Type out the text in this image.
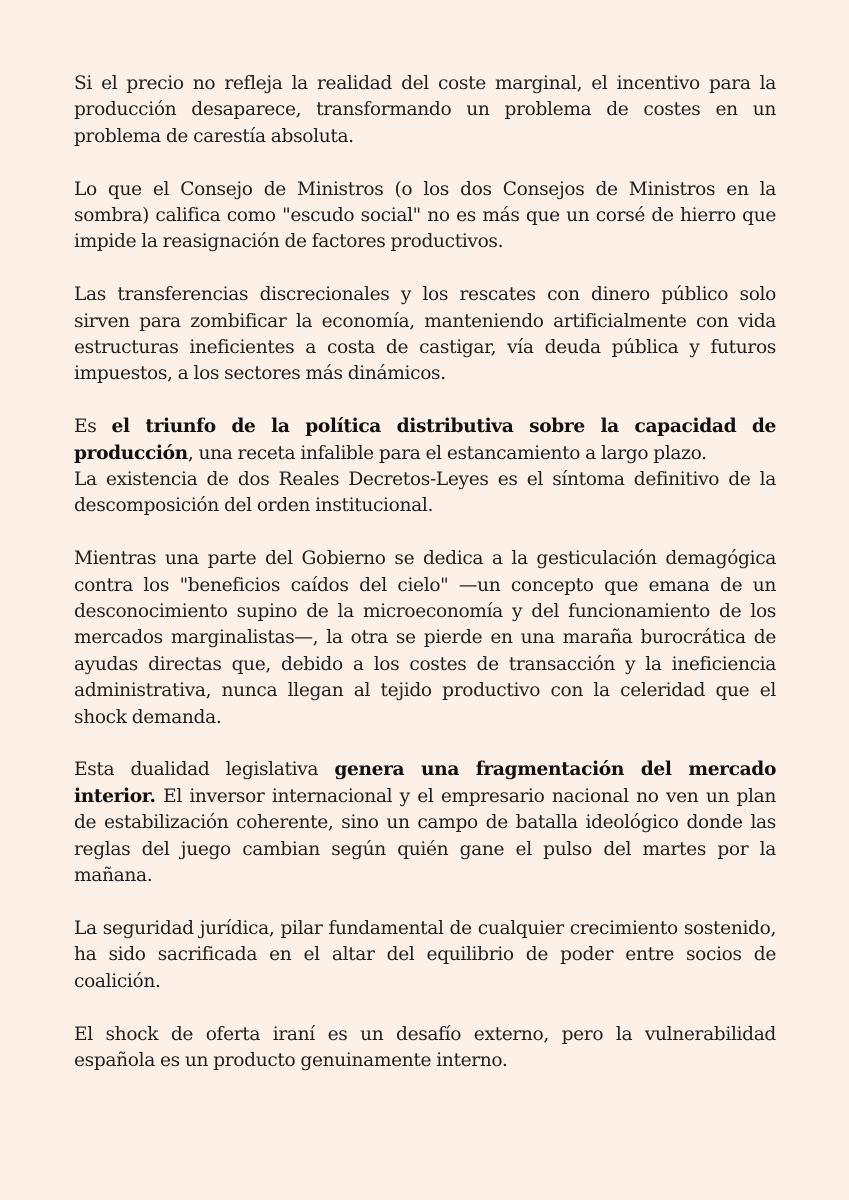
Si el precio no refleja la realidad del coste marginal, el incentivo para la producción desaparece, transformando un problema de costes en un problema de carestía absoluta.

Lo que el Consejo de Ministros (o los dos Consejos de Ministros en la sombra) califica como "escudo social" no es más que un corsé de hierro que impide la reasignación de factores productivos.

Las transferencias discrecionales y los rescates con dinero público solo sirven para zombificar la economía, manteniendo artificialmente con vida estructuras ineficientes a costa de castigar, vía deuda pública y futuros impuestos, a los sectores más dinámicos.

Es el triunfo de la política distributiva sobre la capacidad de producción, una receta infalible para el estancamiento a largo plazo.
La existencia de dos Reales Decretos-Leyes es el síntoma definitivo de la descomposición del orden institucional.

Mientras una parte del Gobierno se dedica a la gesticulación demagógica contra los "beneficios caídos del cielo" —un concepto que emana de un desconocimiento supino de la microeconomía y del funcionamiento de los mercados marginalistas—, la otra se pierde en una maraña burocrática de ayudas directas que, debido a los costes de transacción y la ineficiencia administrativa, nunca llegan al tejido productivo con la celeridad que el shock demanda.

Esta dualidad legislativa genera una fragmentación del mercado interior. El inversor internacional y el empresario nacional no ven un plan de estabilización coherente, sino un campo de batalla ideológico donde las reglas del juego cambian según quién gane el pulso del martes por la mañana.

La seguridad jurídica, pilar fundamental de cualquier crecimiento sostenido, ha sido sacrificada en el altar del equilibrio de poder entre socios de coalición.

El shock de oferta iraní es un desafío externo, pero la vulnerabilidad española es un producto genuinamente interno.
